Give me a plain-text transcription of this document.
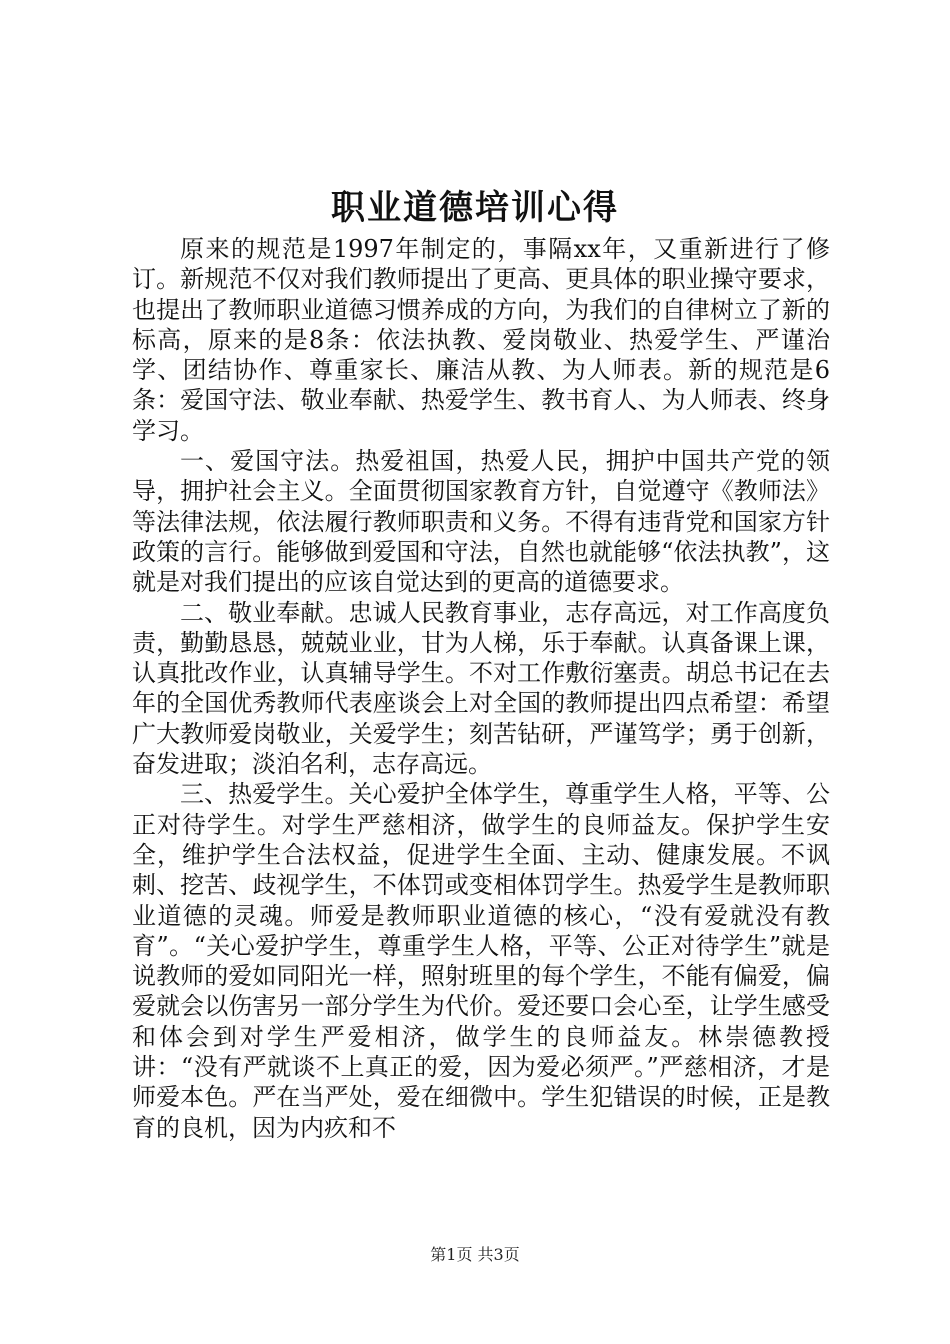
职业道德培训心得

原来的规范是1997年制定的，事隔xx年，又重新进行了修订。新规范不仅对我们教师提出了更高、更具体的职业操守要求，也提出了教师职业道德习惯养成的方向，为我们的自律树立了新的标高，原来的是8条：依法执教、爱岗敬业、热爱学生、严谨治学、团结协作、尊重家长、廉洁从教、为人师表。新的规范是6条：爱国守法、敬业奉献、热爱学生、教书育人、为人师表、终身学习。

一、爱国守法。热爱祖国，热爱人民，拥护中国共产党的领导，拥护社会主义。全面贯彻国家教育方针，自觉遵守《教师法》等法律法规，依法履行教师职责和义务。不得有违背党和国家方针政策的言行。能够做到爱国和守法，自然也就能够“依法执教”，这就是对我们提出的应该自觉达到的更高的道德要求。

二、敬业奉献。忠诚人民教育事业，志存高远，对工作高度负责，勤勤恳恳，兢兢业业，甘为人梯，乐于奉献。认真备课上课，认真批改作业，认真辅导学生。不对工作敷衍塞责。胡总书记在去年的全国优秀教师代表座谈会上对全国的教师提出四点希望：希望广大教师爱岗敬业，关爱学生；刻苦钻研，严谨笃学；勇于创新，奋发进取；淡泊名利，志存高远。

三、热爱学生。关心爱护全体学生，尊重学生人格，平等、公正对待学生。对学生严慈相济，做学生的良师益友。保护学生安全，维护学生合法权益，促进学生全面、主动、健康发展。不讽刺、挖苦、歧视学生，不体罚或变相体罚学生。热爱学生是教师职业道德的灵魂。师爱是教师职业道德的核心，“没有爱就没有教育”。“关心爱护学生，尊重学生人格，平等、公正对待学生”就是说教师的爱如同阳光一样，照射班里的每个学生，不能有偏爱，偏爱就会以伤害另一部分学生为代价。爱还要口会心至，让学生感受和体会到对学生严爱相济，做学生的良师益友。林崇德教授讲：“没有严就谈不上真正的爱，因为爱必须严。”严慈相济，才是师爱本色。严在当严处，爱在细微中。学生犯错误的时候，正是教育的良机，因为内疚和不

第1页 共3页
